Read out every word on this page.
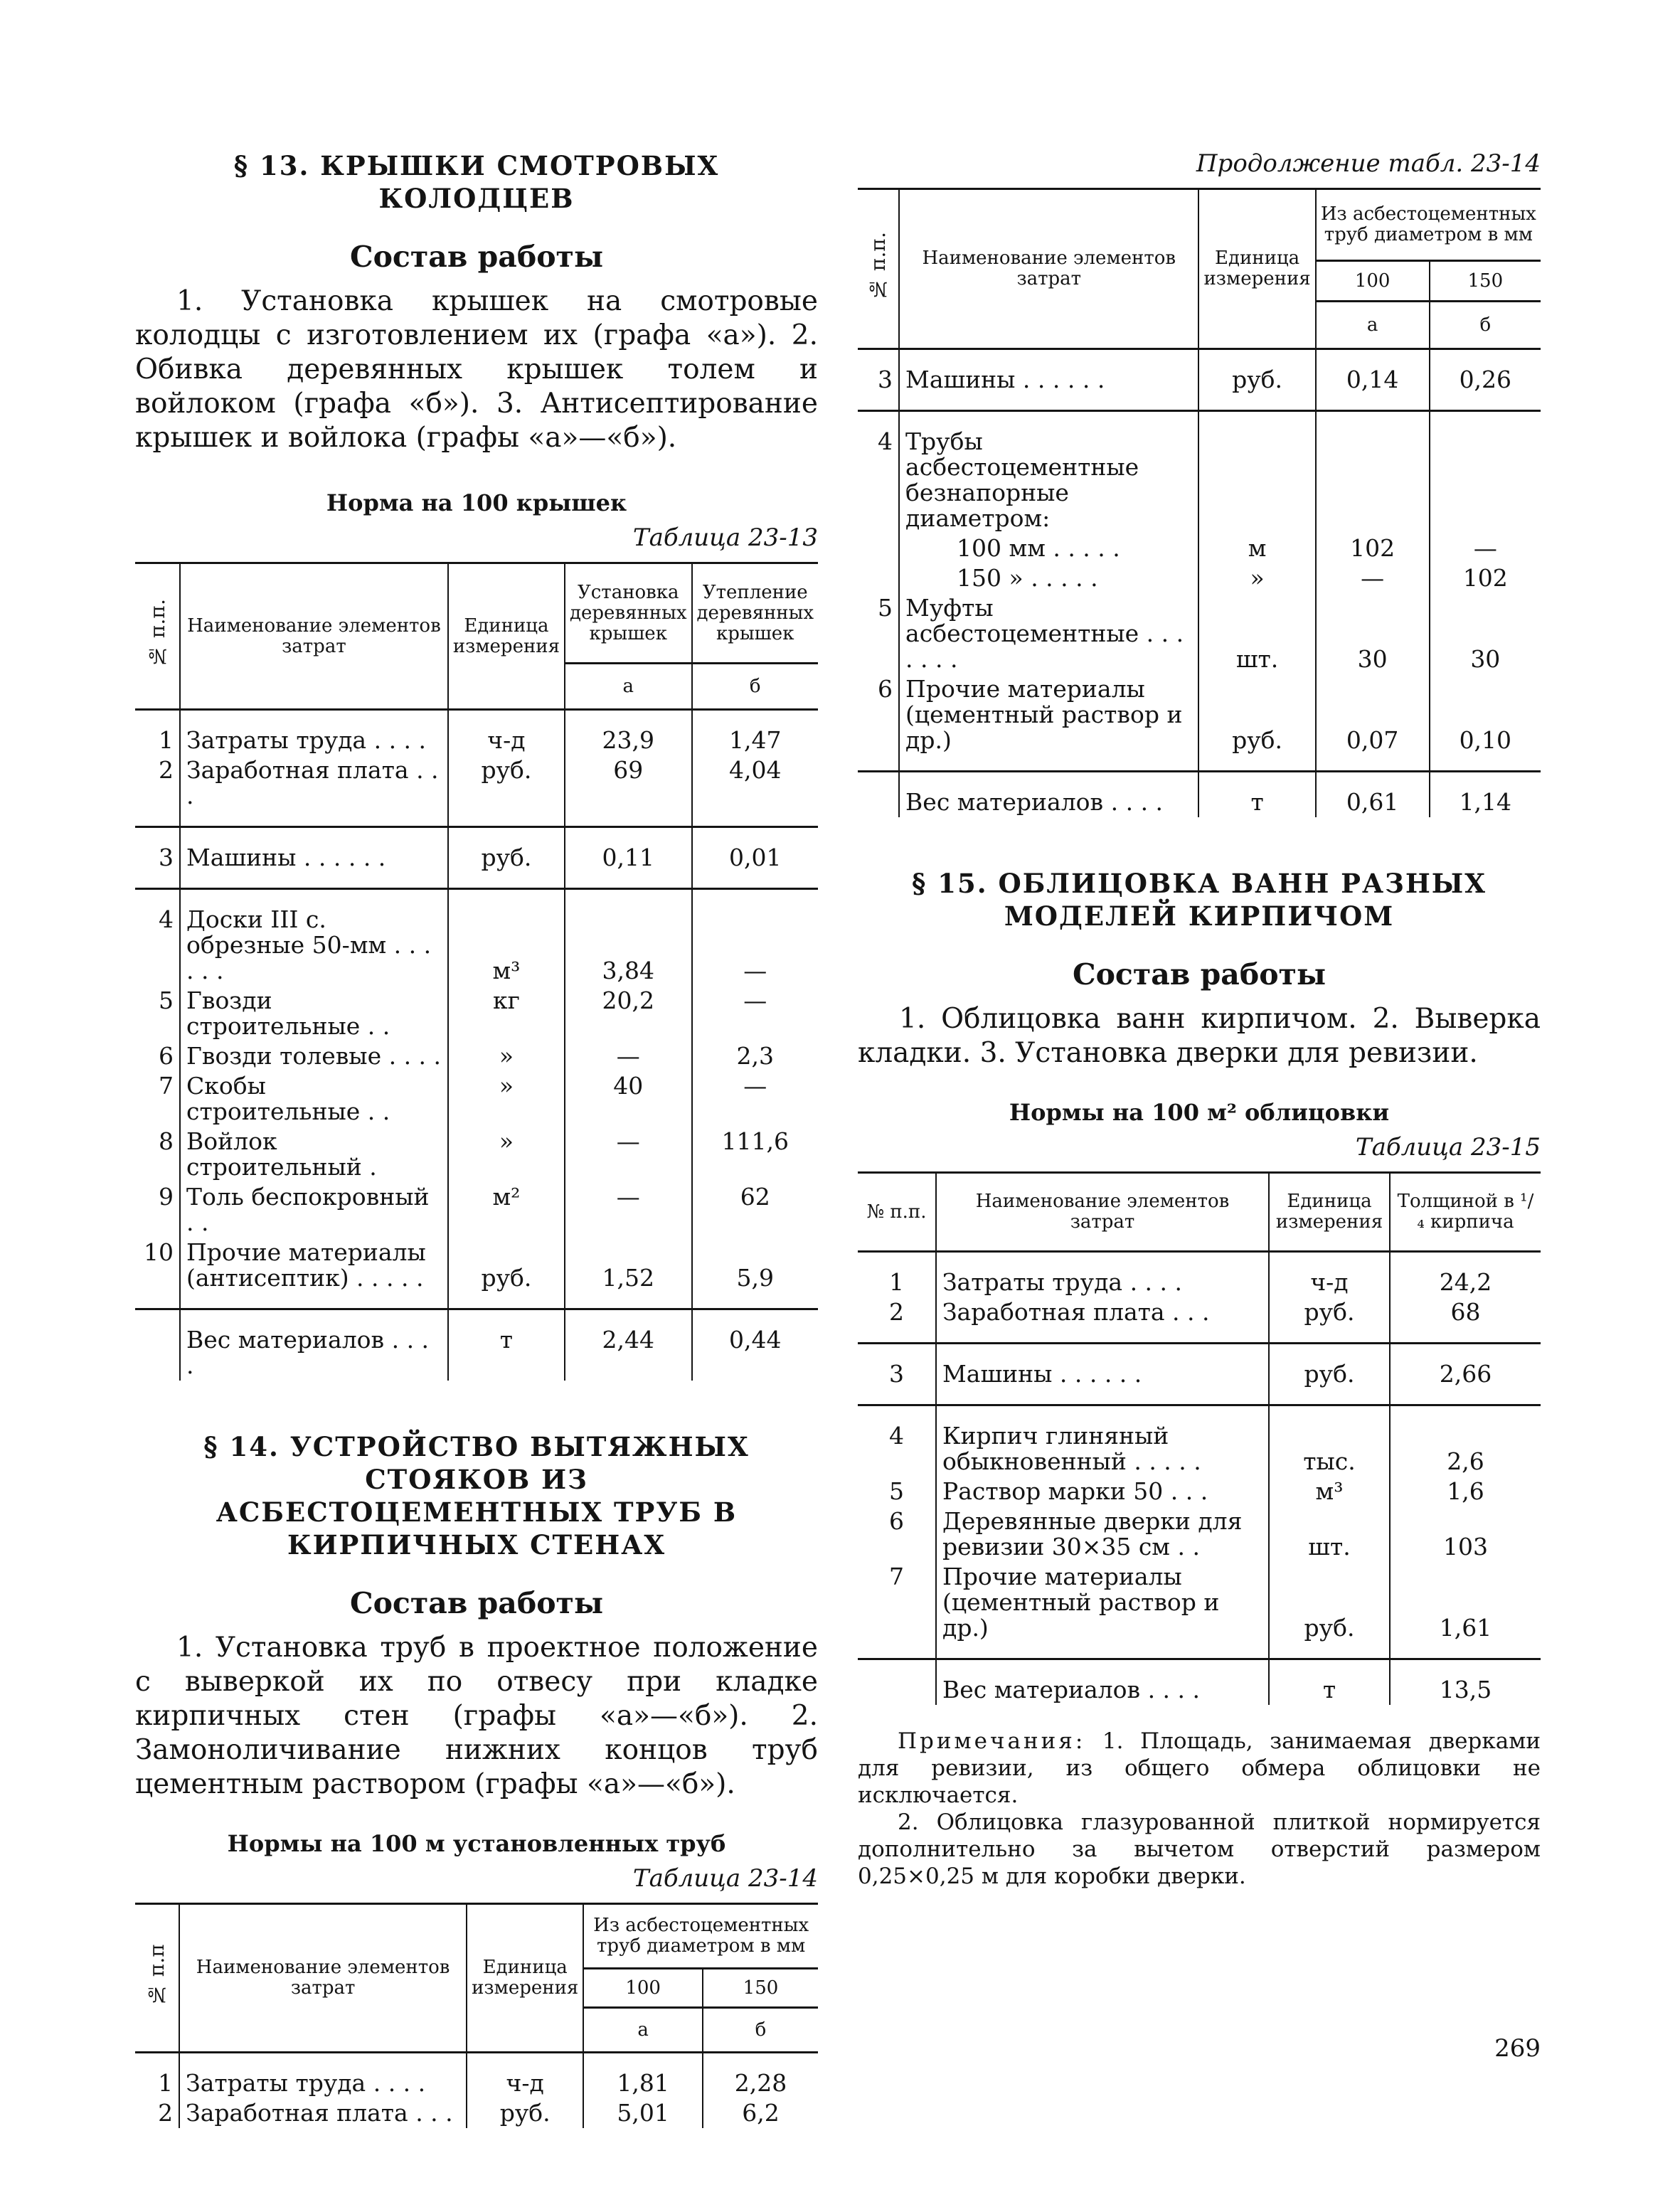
§ 13. КРЫШКИ СМОТРОВЫХ КОЛОДЦЕВ
Состав работы

1. Установка крышек на смотровые колодцы с изготовлением их (графа «а»). 2. Обивка деревянных крышек толем и войлоком (графа «б»). 3. Антисептирование крышек и войлока (графы «а»—«б»).

Норма на 100 крышек

Таблица 23-13

№ п.п.	Наименование элементов затрат	Единица измерения	Установка деревянных крышек	Утепление деревянных крышек
			а	б
1	Затраты труда . . . .	ч-д	23,9	1,47
2	Заработная плата . . .	руб.	69	4,04
3	Машины . . . . . .	руб.	0,11	0,01
4	Доски III с. обрезные 50-мм . . . . . .	м³	3,84	—
5	Гвозди строительные . .	кг	20,2	—
6	Гвозди толевые . . . .	»	—	2,3
7	Скобы строительные . .	»	40	—
8	Войлок строительный .	»	—	111,6
9	Толь беспокровный . .	м²	—	62
10	Прочие материалы (антисептик) . . . . .	руб.	1,52	5,9
	Вес материалов . . . .	т	2,44	0,44
§ 14. УСТРОЙСТВО ВЫТЯЖНЫХ СТОЯКОВ ИЗ АСБЕСТОЦЕМЕНТНЫХ ТРУБ В КИРПИЧНЫХ СТЕНАХ
Состав работы

1. Установка труб в проектное положение с выверкой их по отвесу при кладке кирпичных стен (графы «а»—«б»). 2. Замоноличивание нижних концов труб цементным раствором (графы «а»—«б»).

Нормы на 100 м установленных труб

Таблица 23-14

№ п.п	Наименование элементов затрат	Единица измерения	Из асбестоцементных труб диаметром в мм	
			100	150
			а	б
1	Затраты труда . . . .	ч-д	1,81	2,28
2	Заработная плата . . .	руб.	5,01	6,2

Продолжение табл. 23-14

№ п.п.	Наименование элементов затрат	Единица измерения	Из асбестоцементных труб диаметром в мм	
			100	150
			а	б
3	Машины . . . . . .	руб.	0,14	0,26
4	Трубы асбестоцементные безнапорные диаметром:			
	100 мм . . . . .	м	102	—
	150 » . . . . .	»	—	102
5	Муфты асбестоцементные . . . . . . .	шт.	30	30
6	Прочие материалы (цементный раствор и др.)	руб.	0,07	0,10
	Вес материалов . . . .	т	0,61	1,14
§ 15. ОБЛИЦОВКА ВАНН РАЗНЫХ МОДЕЛЕЙ КИРПИЧОМ
Состав работы

1. Облицовка ванн кирпичом. 2. Выверка кладки. 3. Установка дверки для ревизии.

Нормы на 100 м² облицовки

Таблица 23-15

№ п.п.	Наименование элементов затрат	Единица измерения	Толщиной в ¹/₄ кирпича
1	Затраты труда . . . .	ч-д	24,2
2	Заработная плата . . .	руб.	68
3	Машины . . . . . .	руб.	2,66
4	Кирпич глиняный обыкновенный . . . . .	тыс.	2,6
5	Раствор марки 50 . . .	м³	1,6
6	Деревянные дверки для ревизии 30×35 см . .	шт.	103
7	Прочие материалы (цементный раствор и др.)	руб.	1,61
	Вес материалов . . . .	т	13,5
Примечания: 1. Площадь, занимаемая дверками для ревизии, из общего обмера облицовки не исключается.
2. Облицовка глазурованной плиткой нормируется дополнительно за вычетом отверстий размером 0,25×0,25 м для коробки дверки.
269
